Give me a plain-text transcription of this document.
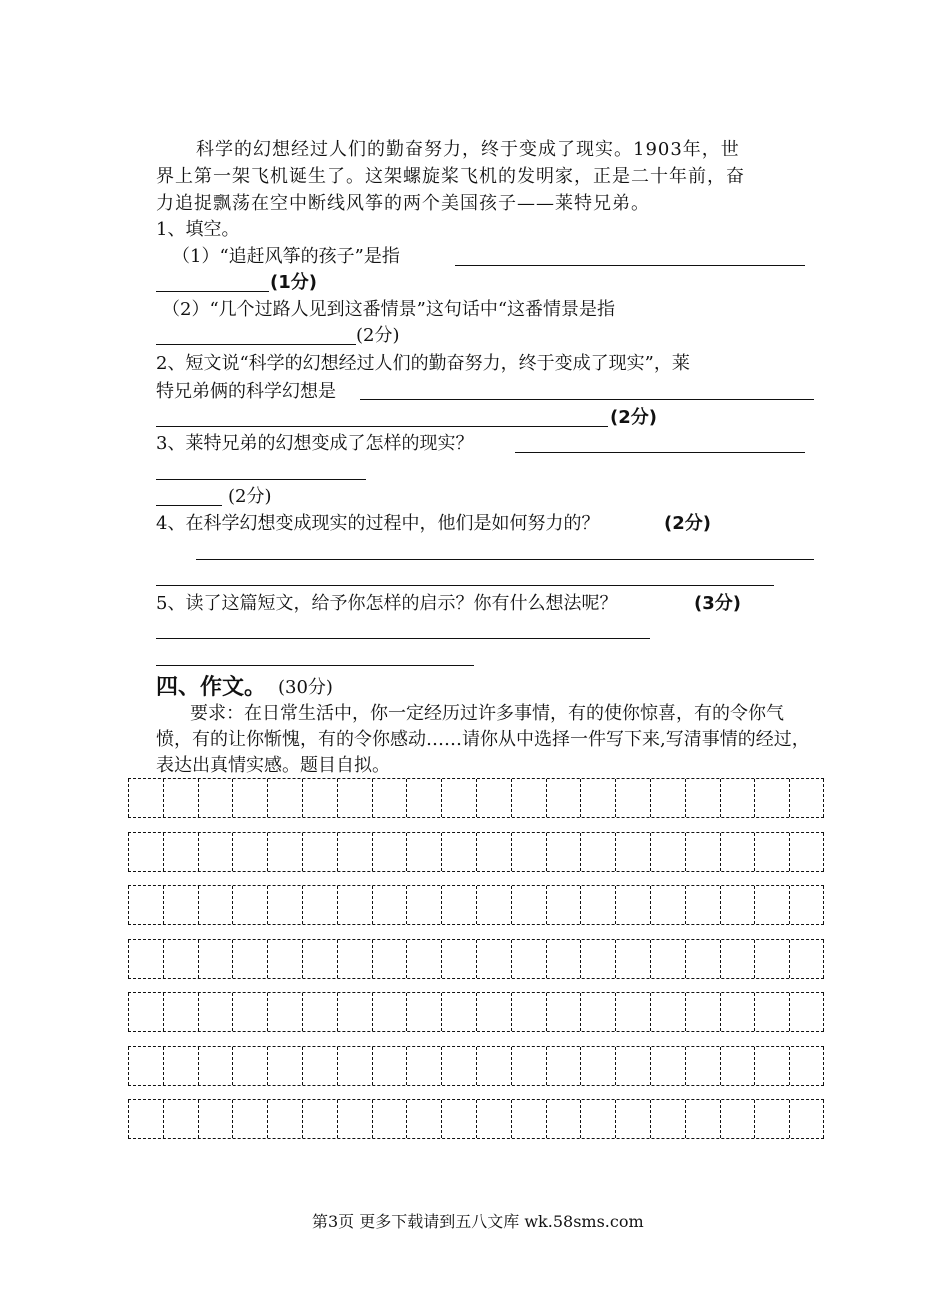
科学的幻想经过人们的勤奋努力，终于变成了现实。1903年，世
界上第一架飞机诞生了。这架螺旋桨飞机的发明家，正是二十年前，奋
力追捉飘荡在空中断线风筝的两个美国孩子——莱特兄弟。
1、填空。
（1）“追赶风筝的孩子”是指
(1分)
（2）“几个过路人见到这番情景”这句话中“这番情景是指
(2分)
2、短文说“科学的幻想经过人们的勤奋努力，终于变成了现实”，莱
特兄弟俩的科学幻想是
(2分)
3、莱特兄弟的幻想变成了怎样的现实？
(2分)
4、在科学幻想变成现实的过程中，他们是如何努力的？	(2分)
5、读了这篇短文，给予你怎样的启示？你有什么想法呢？	(3分)
四、作文。 (30分)
要求：在日常生活中，你一定经历过许多事情，有的使你惊喜，有的令你气
愤，有的让你惭愧，有的令你感动……请你从中选择一件写下来,写清事情的经过，
表达出真情实感。题目自拟。
第3页 更多下载请到五八文库 wk.58sms.com
